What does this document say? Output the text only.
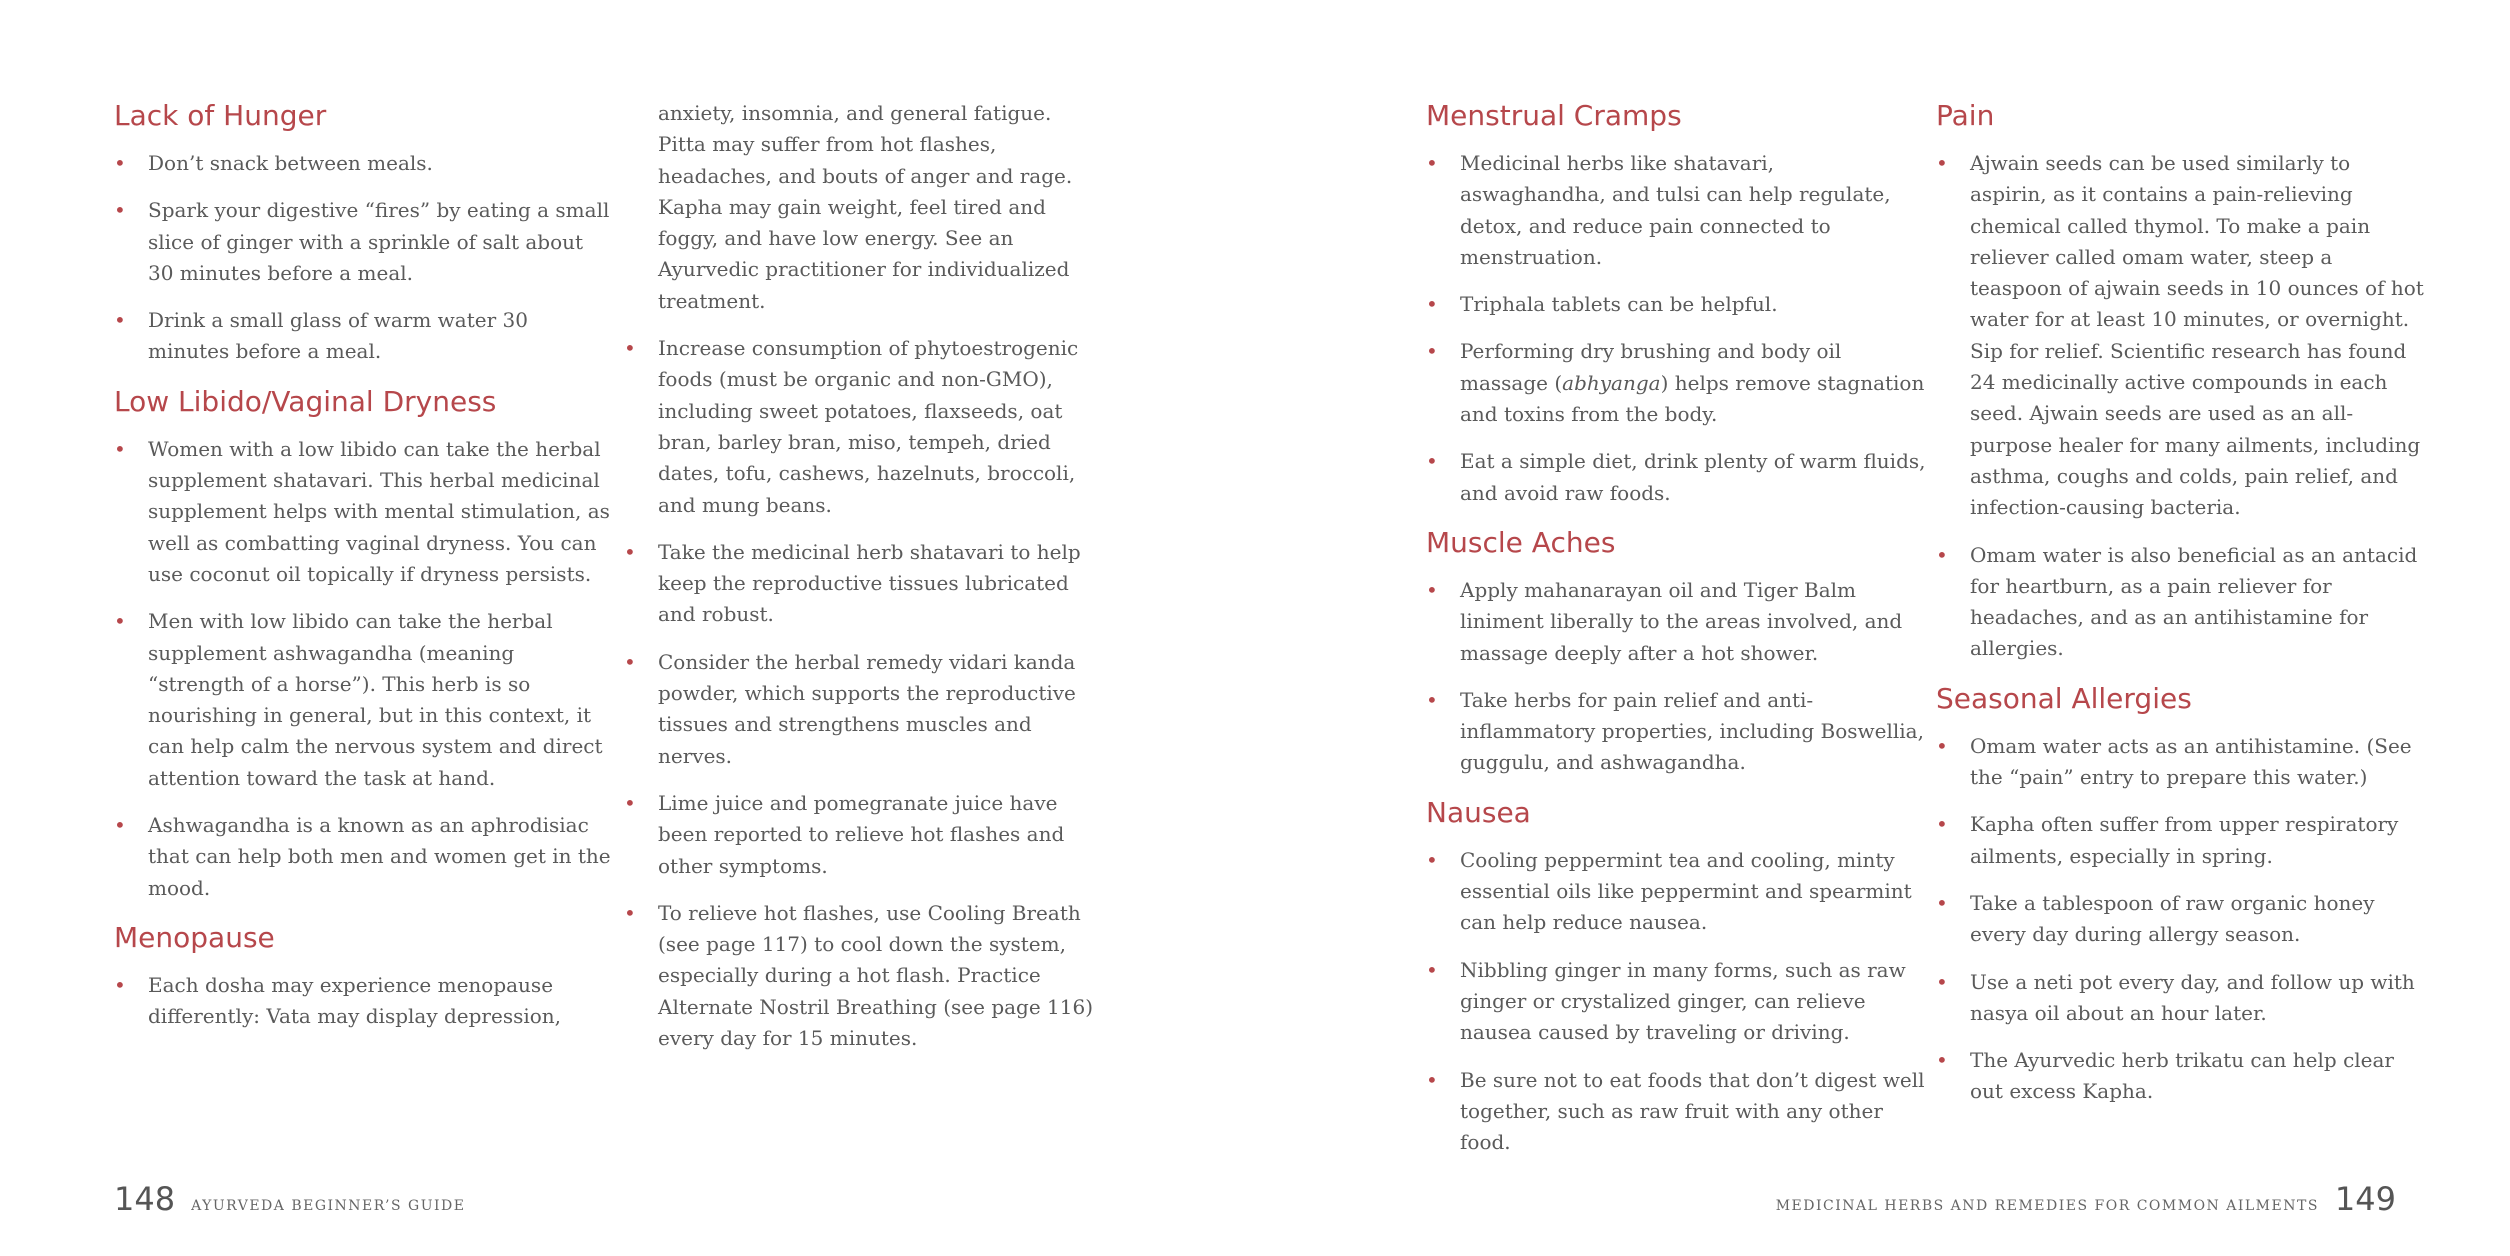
Lack of Hunger
• Don’t snack between meals.
• Spark your digestive “fires” by eating a small slice of ginger with a sprinkle of salt about 30 minutes before a meal.
• Drink a small glass of warm water 30 minutes before a meal.
Low Libido/Vaginal Dryness
• Women with a low libido can take the herbal supplement shatavari. This herbal medicinal supplement helps with mental stimulation, as well as combatting vaginal dryness. You can use coconut oil topically if dryness persists.
• Men with low libido can take the herbal supplement ashwagandha (meaning “strength of a horse”). This herb is so nourishing in general, but in this context, it can help calm the nervous system and direct attention toward the task at hand.
• Ashwagandha is a known as an aphrodisiac that can help both men and women get in the mood.
Menopause
• Each dosha may experience menopause differently: Vata may display depression,

anxiety, insomnia, and general fatigue. Pitta may suffer from hot flashes, headaches, and bouts of anger and rage. Kapha may gain weight, feel tired and foggy, and have low energy. See an Ayurvedic practitioner for individualized treatment.

• Increase consumption of phytoestrogenic foods (must be organic and non-GMO), including sweet potatoes, flaxseeds, oat bran, barley bran, miso, tempeh, dried dates, tofu, cashews, hazelnuts, broccoli, and mung beans.
• Take the medicinal herb shatavari to help keep the reproductive tissues lubricated and robust.
• Consider the herbal remedy vidari kanda powder, which supports the reproductive tissues and strengthens muscles and nerves.
• Lime juice and pomegranate juice have been reported to relieve hot flashes and other symptoms.
• To relieve hot flashes, use Cooling Breath (see page 117) to cool down the system, especially during a hot flash. Practice Alternate Nostril Breathing (see page 116) every day for 15 minutes.
Menstrual Cramps
• Medicinal herbs like shatavari, aswaghandha, and tulsi can help regulate, detox, and reduce pain connected to menstruation.
• Triphala tablets can be helpful.
• Performing dry brushing and body oil massage (abhyanga) helps remove stagnation and toxins from the body.
• Eat a simple diet, drink plenty of warm fluids, and avoid raw foods.
Muscle Aches
• Apply mahanarayan oil and Tiger Balm liniment liberally to the areas involved, and massage deeply after a hot shower.
• Take herbs for pain relief and anti-inflammatory properties, including Boswellia, guggulu, and ashwagandha.
Nausea
• Cooling peppermint tea and cooling, minty essential oils like peppermint and spearmint can help reduce nausea.
• Nibbling ginger in many forms, such as raw ginger or crystalized ginger, can relieve nausea caused by traveling or driving.
• Be sure not to eat foods that don’t digest well together, such as raw fruit with any other food.
Pain
• Ajwain seeds can be used similarly to aspirin, as it contains a pain-relieving chemical called thymol. To make a pain reliever called omam water, steep a teaspoon of ajwain seeds in 10 ounces of hot water for at least 10 minutes, or overnight. Sip for relief. Scientific research has found 24 medicinally active compounds in each seed. Ajwain seeds are used as an all-purpose healer for many ailments, including asthma, coughs and colds, pain relief, and infection-causing bacteria.
• Omam water is also beneficial as an antacid for heartburn, as a pain reliever for headaches, and as an antihistamine for allergies.
Seasonal Allergies
• Omam water acts as an antihistamine. (See the “pain” entry to prepare this water.)
• Kapha often suffer from upper respiratory ailments, especially in spring.
• Take a tablespoon of raw organic honey every day during allergy season.
• Use a neti pot every day, and follow up with nasya oil about an hour later.
• The Ayurvedic herb trikatu can help clear out excess Kapha.
148 AYURVEDA BEGINNER’S GUIDE	MEDICINAL HERBS AND REMEDIES FOR COMMON AILMENTS 149
